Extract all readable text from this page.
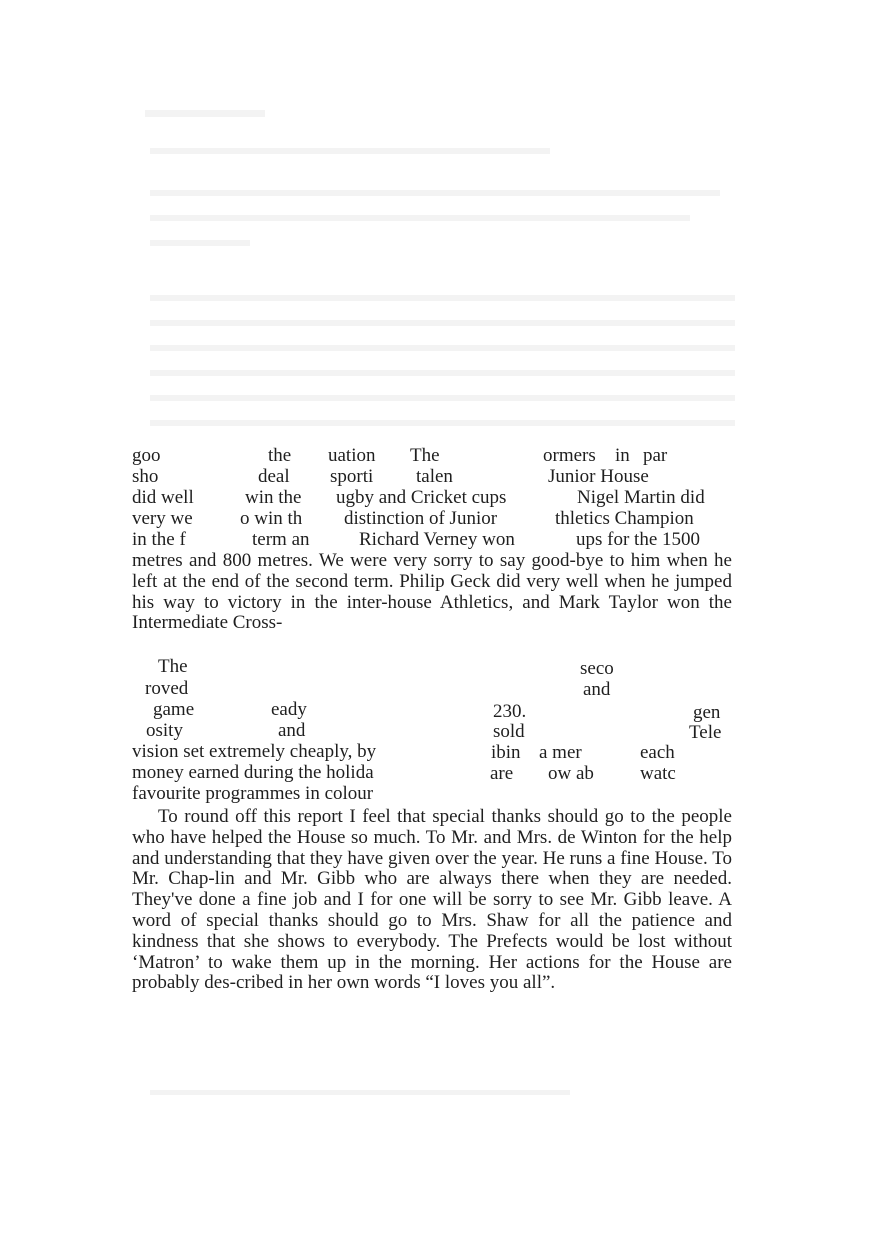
goo	the uation The	ormers in par
sho	deal sporti talen	Junior House
did well	win the ugby and Cricket cups	Nigel Martin did
very we o win th distinction of Junior	thletics Champion
in the f	term an	Richard Verney won	ups for the 1500
metres and 800 metres. We were very sorry to say good-bye to him when he left at the end of the second term. Philip Geck did very well when he jumped his way to victory in the inter-house Athletics, and Mark Taylor won the Intermediate Cross-
The	seco
roved	and
game	eady	230.	gen
osity	and	sold	Tele
vision set extremely cheaply, by	ibin a mer	each
money earned during the holida	are ow ab watc
favourite programmes in colour
To round off this report I feel that special thanks should go to the people who have helped the House so much. To Mr. and Mrs. de Winton for the help and understanding that they have given over the year. He runs a fine House. To Mr. Chap-lin and Mr. Gibb who are always there when they are needed. They've done a fine job and I for one will be sorry to see Mr. Gibb leave. A word of special thanks should go to Mrs. Shaw for all the patience and kindness that she shows to everybody. The Prefects would be lost without ‘Matron’ to wake them up in the morning. Her actions for the House are probably des-cribed in her own words “I loves you all”.
